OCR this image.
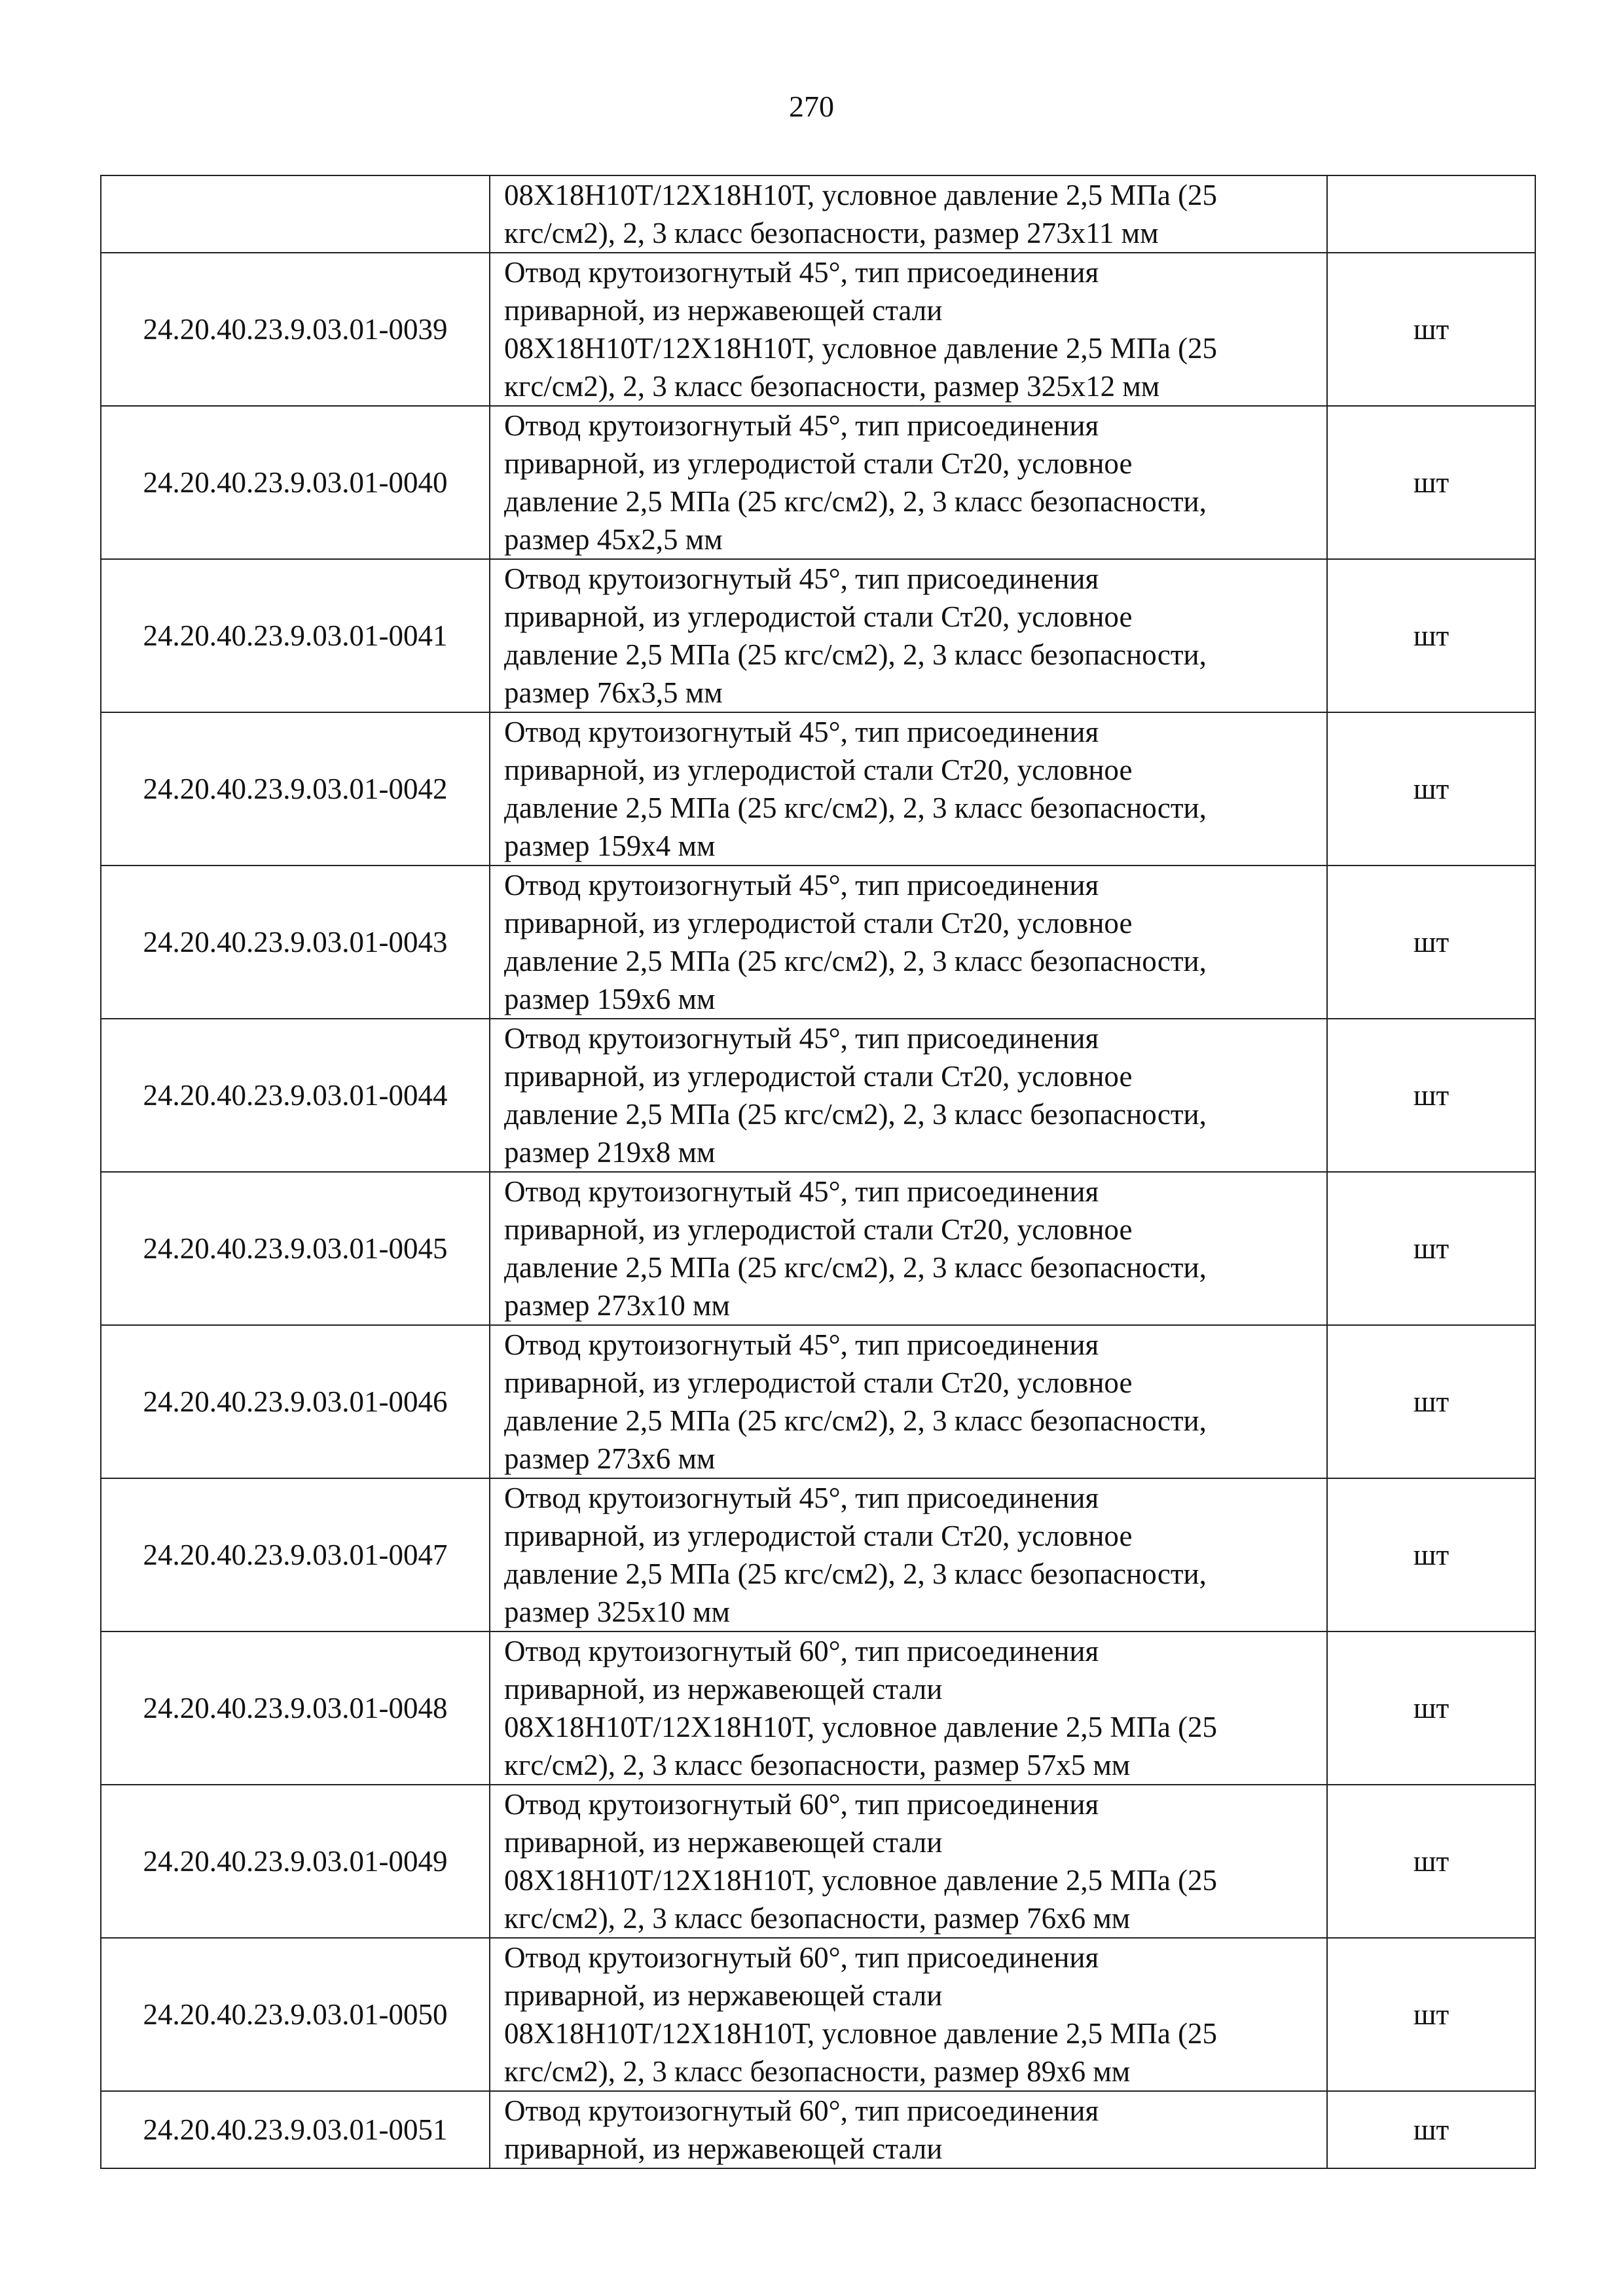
270

	08Х18Н10Т/12Х18Н10Т, условное давление 2,5 МПа (25
кгс/см2), 2, 3 класс безопасности, размер 273х11 мм	

24.20.40.23.9.03.01-0039	Отвод крутоизогнутый 45°, тип присоединения
приварной, из нержавеющей стали
08Х18Н10Т/12Х18Н10Т, условное давление 2,5 МПа (25
кгс/см2), 2, 3 класс безопасности, размер 325х12 мм	шт
24.20.40.23.9.03.01-0040	Отвод крутоизогнутый 45°, тип присоединения
приварной, из углеродистой стали Ст20, условное
давление 2,5 МПа (25 кгс/см2), 2, 3 класс безопасности,
размер 45х2,5 мм	шт
24.20.40.23.9.03.01-0041	Отвод крутоизогнутый 45°, тип присоединения
приварной, из углеродистой стали Ст20, условное
давление 2,5 МПа (25 кгс/см2), 2, 3 класс безопасности,
размер 76х3,5 мм	шт
24.20.40.23.9.03.01-0042	Отвод крутоизогнутый 45°, тип присоединения
приварной, из углеродистой стали Ст20, условное
давление 2,5 МПа (25 кгс/см2), 2, 3 класс безопасности,
размер 159х4 мм	шт
24.20.40.23.9.03.01-0043	Отвод крутоизогнутый 45°, тип присоединения
приварной, из углеродистой стали Ст20, условное
давление 2,5 МПа (25 кгс/см2), 2, 3 класс безопасности,
размер 159х6 мм	шт
24.20.40.23.9.03.01-0044	Отвод крутоизогнутый 45°, тип присоединения
приварной, из углеродистой стали Ст20, условное
давление 2,5 МПа (25 кгс/см2), 2, 3 класс безопасности,
размер 219х8 мм	шт
24.20.40.23.9.03.01-0045	Отвод крутоизогнутый 45°, тип присоединения
приварной, из углеродистой стали Ст20, условное
давление 2,5 МПа (25 кгс/см2), 2, 3 класс безопасности,
размер 273х10 мм	шт
24.20.40.23.9.03.01-0046	Отвод крутоизогнутый 45°, тип присоединения
приварной, из углеродистой стали Ст20, условное
давление 2,5 МПа (25 кгс/см2), 2, 3 класс безопасности,
размер 273х6 мм	шт
24.20.40.23.9.03.01-0047	Отвод крутоизогнутый 45°, тип присоединения
приварной, из углеродистой стали Ст20, условное
давление 2,5 МПа (25 кгс/см2), 2, 3 класс безопасности,
размер 325х10 мм	шт
24.20.40.23.9.03.01-0048	Отвод крутоизогнутый 60°, тип присоединения
приварной, из нержавеющей стали
08Х18Н10Т/12Х18Н10Т, условное давление 2,5 МПа (25
кгс/см2), 2, 3 класс безопасности, размер 57х5 мм	шт
24.20.40.23.9.03.01-0049	Отвод крутоизогнутый 60°, тип присоединения
приварной, из нержавеющей стали
08Х18Н10Т/12Х18Н10Т, условное давление 2,5 МПа (25
кгс/см2), 2, 3 класс безопасности, размер 76х6 мм	шт
24.20.40.23.9.03.01-0050	Отвод крутоизогнутый 60°, тип присоединения
приварной, из нержавеющей стали
08Х18Н10Т/12Х18Н10Т, условное давление 2,5 МПа (25
кгс/см2), 2, 3 класс безопасности, размер 89х6 мм	шт
24.20.40.23.9.03.01-0051	Отвод крутоизогнутый 60°, тип присоединения
приварной, из нержавеющей стали	шт
